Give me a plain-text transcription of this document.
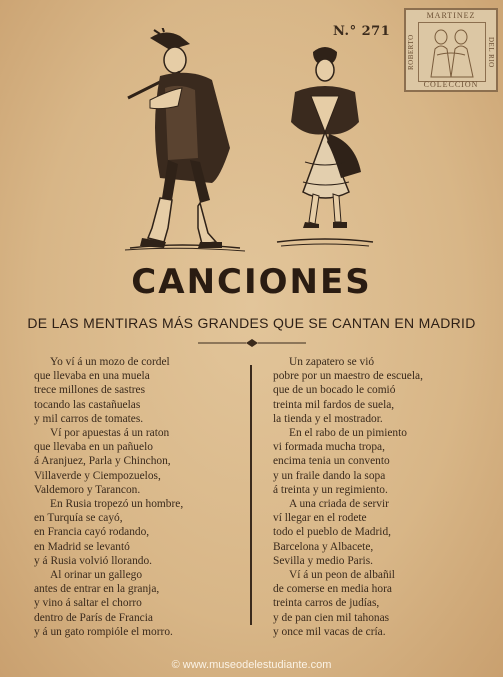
N.° 271
MARTINEZ
ROBERTO	DEL RIO
COLECCION
CANCIONES
DE LAS MENTIRAS MÁS GRANDES QUE SE CANTAN EN MADRID
Yo ví á un mozo de cordel
que llevaba en una muela
trece millones de sastres
tocando las castañuelas
y mil carros de tomates.
Ví por apuestas á un raton
que llevaba en un pañuelo
á Aranjuez, Parla y Chinchon,
Villaverde y Ciempozuelos,
Valdemoro y Tarancon.
En Rusia tropezó un hombre,
en Turquía se cayó,
en Francia cayó rodando,
en Madrid se levantó
y á Rusia volvió llorando.
Al orinar un gallego
antes de entrar en la granja,
y vino á saltar el chorro
dentro de París de Francia
y á un gato rompióle el morro.
Un zapatero se vió
pobre por un maestro de escuela,
que de un bocado le comió
treinta mil fardos de suela,
la tienda y el mostrador.
En el rabo de un pimiento
vi formada mucha tropa,
encima tenia un convento
y un fraile dando la sopa
á treinta y un regimiento.
A una criada de servir
ví llegar en el rodete
todo el pueblo de Madrid,
Barcelona y Albacete,
Sevilla y medio Paris.
Ví á un peon de albañil
de comerse en media hora
treinta carros de judías,
y de pan cien mil tahonas
y once mil vacas de cría.
© www.museodelestudiante.com
